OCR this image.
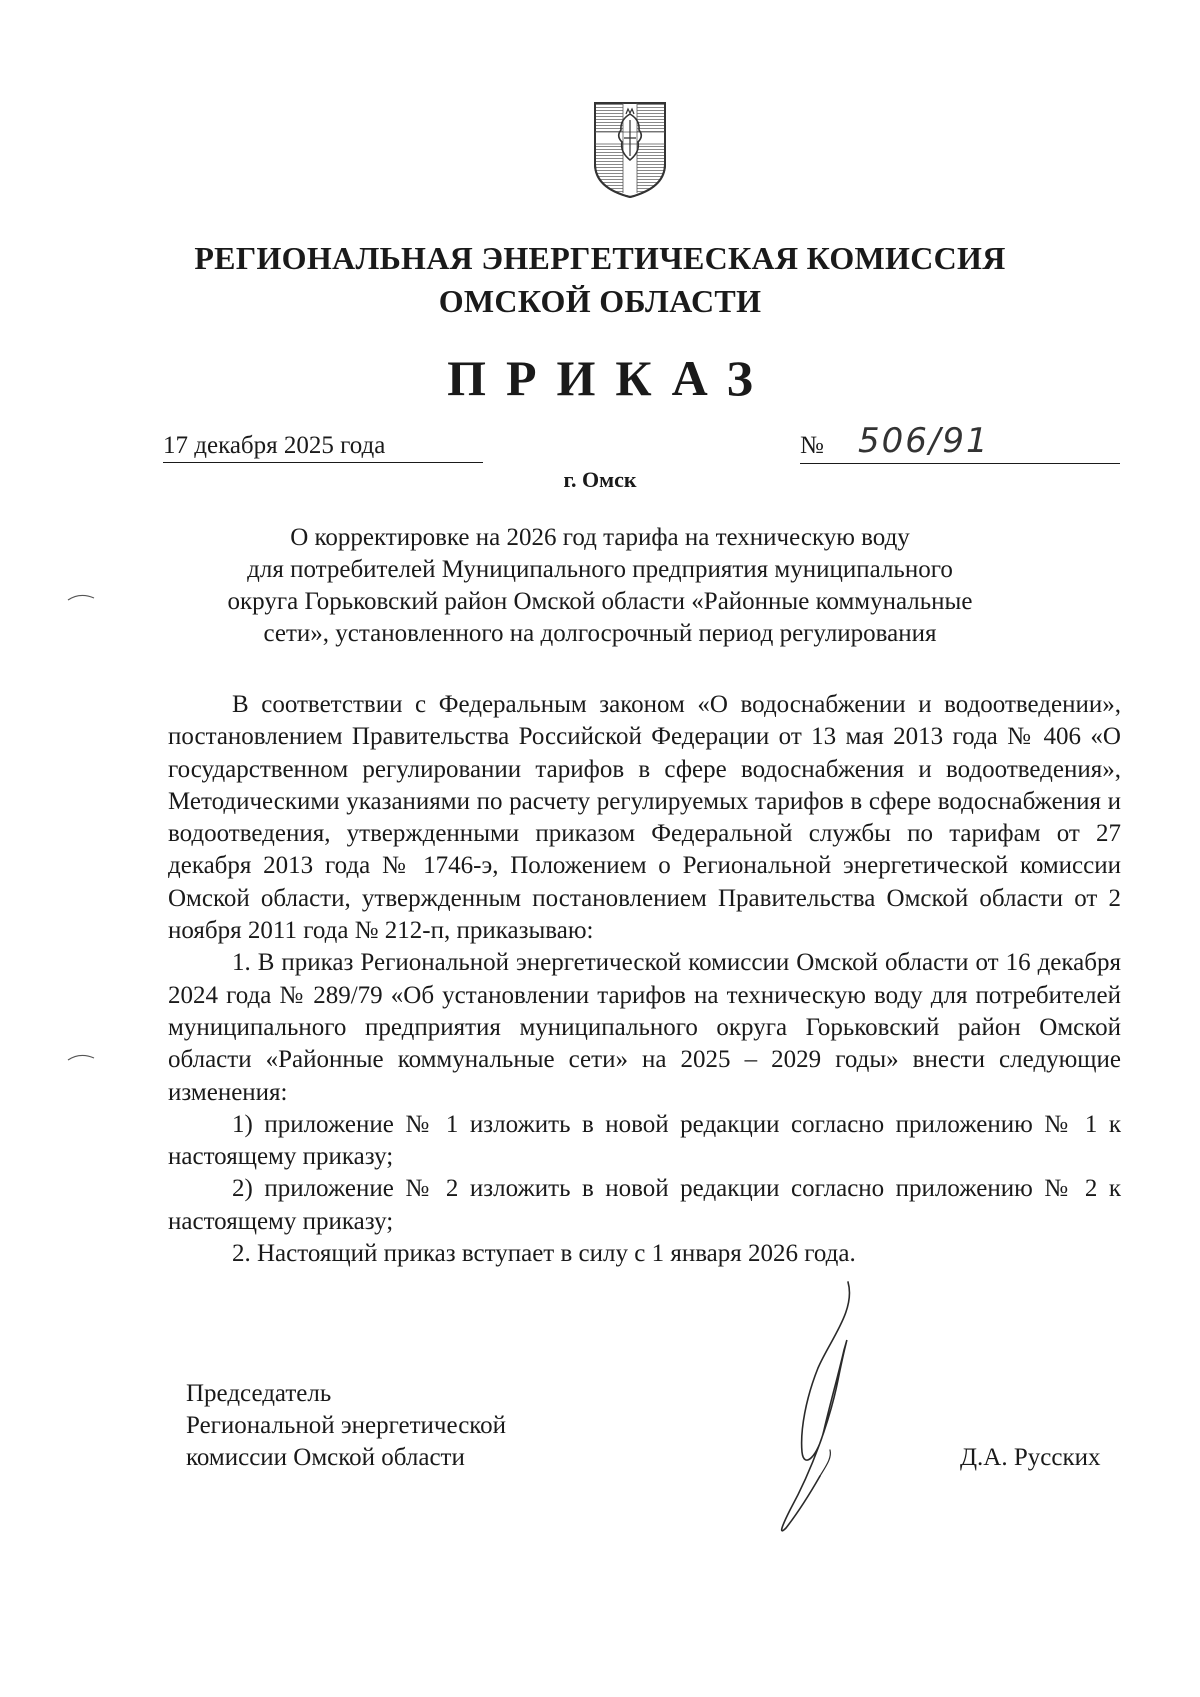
РЕГИОНАЛЬНАЯ ЭНЕРГЕТИЧЕСКАЯ КОМИССИЯ
ОМСКОЙ ОБЛАСТИ
ПРИКАЗ
17 декабря 2025 года	№ 506/91
г. Омск
О корректировке на 2026 год тарифа на техническую воду
для потребителей Муниципального предприятия муниципального
округа Горьковский район Омской области «Районные коммунальные
сети», установленного на долгосрочный период регулирования

В соответствии с Федеральным законом «О водоснабжении и водоотведении», постановлением Правительства Российской Федерации от 13 мая 2013 года № 406 «О государственном регулировании тарифов в сфере водоснабжения и водоотведения», Методическими указаниями по расчету регулируемых тарифов в сфере водоснабжения и водоотведения, утвержденными приказом Федеральной службы по тарифам от 27 декабря 2013 года № 1746-э, Положением о Региональной энергетической комиссии Омской области, утвержденным постановлением Правительства Омской области от 2 ноября 2011 года № 212-п, приказываю:

1. В приказ Региональной энергетической комиссии Омской области от 16 декабря 2024 года № 289/79 «Об установлении тарифов на техническую воду для потребителей муниципального предприятия муниципального округа Горьковский район Омской области «Районные коммунальные сети» на 2025 – 2029 годы» внести следующие изменения:

1) приложение № 1 изложить в новой редакции согласно приложению № 1 к настоящему приказу;

2) приложение № 2 изложить в новой редакции согласно приложению № 2 к настоящему приказу;

2. Настоящий приказ вступает в силу с 1 января 2026 года.

Председатель
Региональной энергетической
комиссии Омской области	Д.А. Русских
